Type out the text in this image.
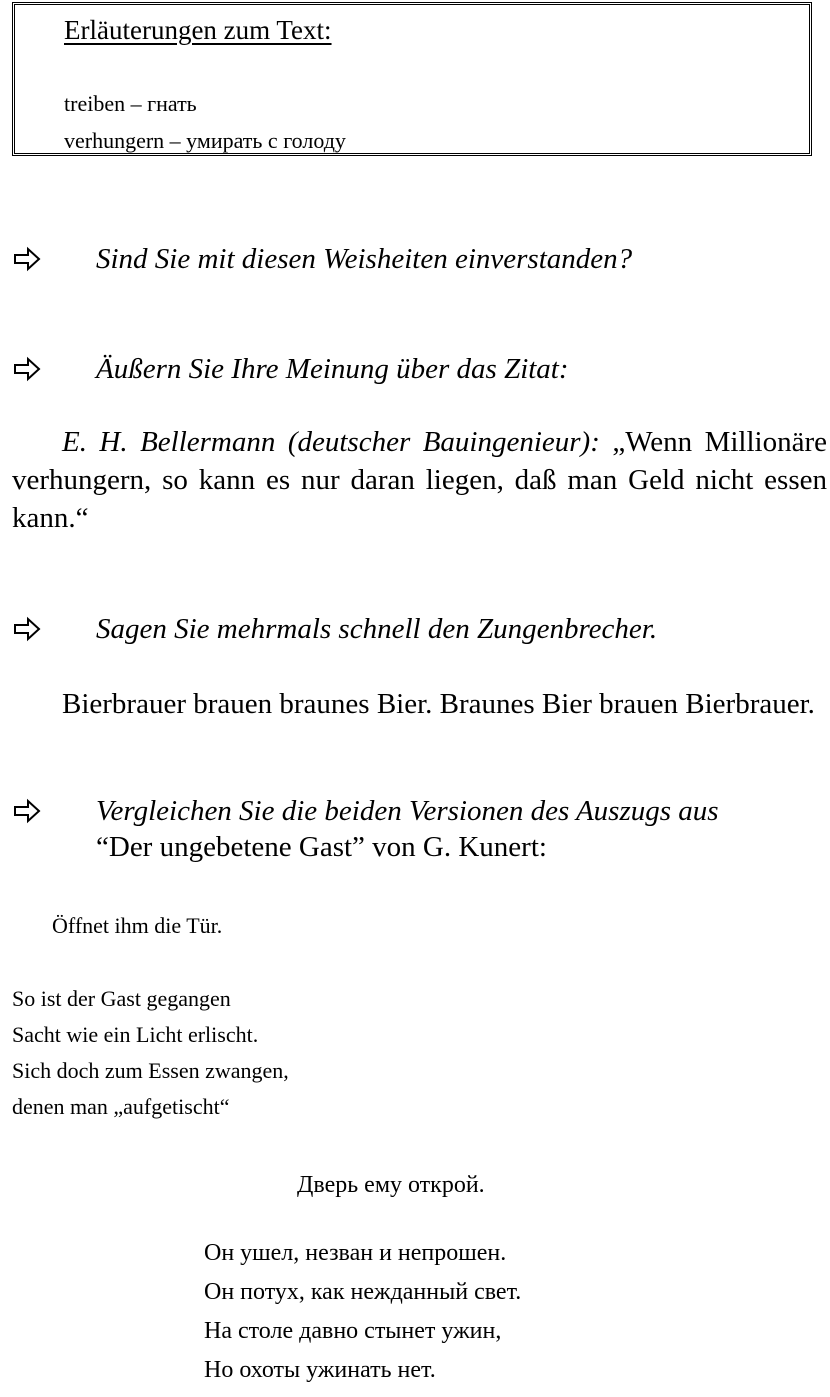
Erläuterungen zum Text:
treiben – гнать
verhungern – умирать с голоду
Sind Sie mit diesen Weisheiten einverstanden?
Äußern Sie Ihre Meinung über das Zitat:

E. H. Bellermann (deutscher Bauingenieur): „Wenn Millionäre verhungern, so kann es nur daran liegen, daß man Geld nicht essen kann.“

Sagen Sie mehrmals schnell den Zungenbrecher.

Bierbrauer brauen braunes Bier. Braunes Bier brauen Bierbrauer.

Vergleichen Sie die beiden Versionen des Auszugs aus
“Der ungebetene Gast” von G. Kunert:
Öffnet ihm die Tür.
So ist der Gast gegangen
Sacht wie ein Licht erlischt.
Sich doch zum Essen zwangen,
denen man „aufgetischt“
Дверь ему открой.
Он ушел, незван и непрошен.
Он потух, как нежданный свет.
На столе давно стынет ужин,
Но охоты ужинать нет.
